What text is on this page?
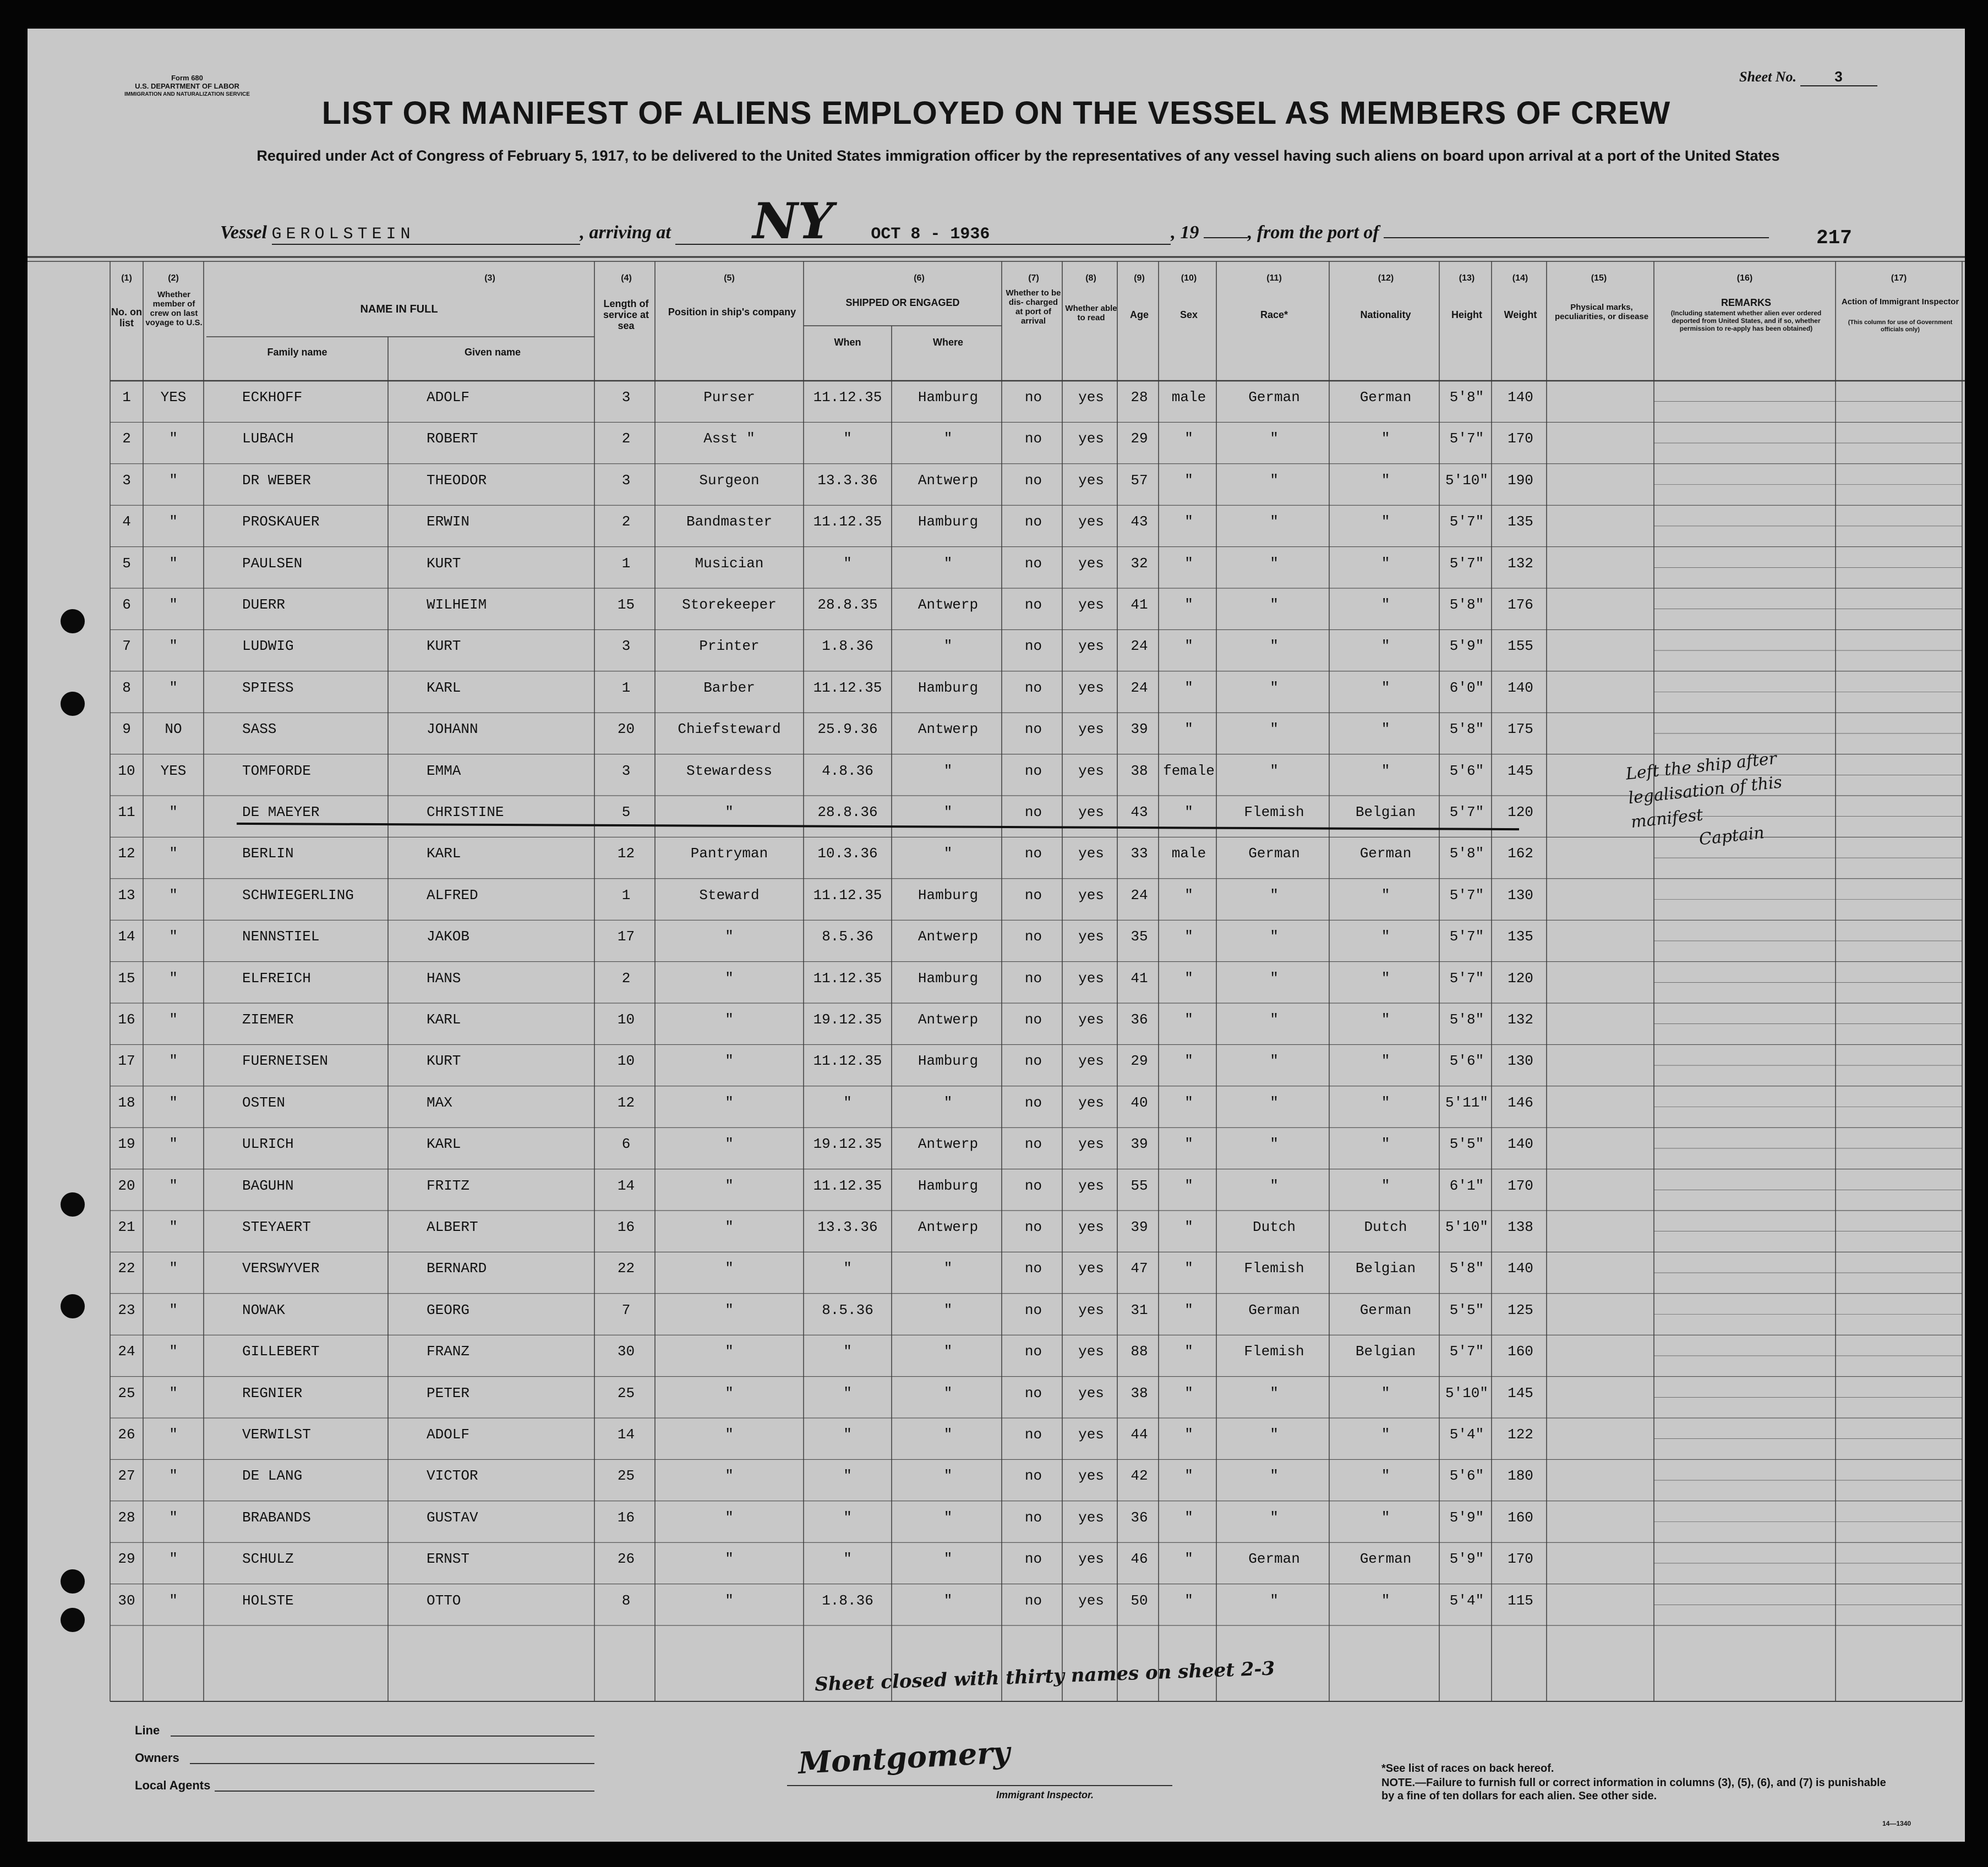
Form 680
U.S. DEPARTMENT OF LABOR
IMMIGRATION AND NATURALIZATION SERVICE
Sheet No.	3
LIST OR MANIFEST OF ALIENS EMPLOYED ON THE VESSEL AS MEMBERS OF CREW
Required under Act of Congress of February 5, 1917, to be delivered to the United States immigration officer by the representatives of any vessel having such aliens on board upon arrival at a port of the United States
Vessel GEROLSTEIN	, arriving at NY OCT 8 - 1936	, 19	, from the port of	217
No. on list
Whether member of crew on last voyage to U.S.
NAME IN FULL
Family name	Given name
Length of service at sea
Position in ship's company
SHIPPED OR ENGAGED
When	Where
Whether to be dis- charged at port of arrival
Whether able to read	Age	Sex	Race*	Nationality	Height	Weight
Physical marks, peculiarities, or disease
REMARKS
(Including statement whether alien ever ordered deported from United States, and if so, whether permission to re-apply has been obtained)
Action of Immigrant Inspector
(This column for use of Government officials only)
(1)	(2)	(3)	(4)	(5)	(6)	(7)	(8)	(9)	(10)	(11)	(12)	(13)	(14)	(15)	(16)	(17)
1	YES	ECKHOFF	ADOLF	3	Purser	11.12.35	Hamburg	no	yes	28	male	German	German	5'8"	140
2	"	LUBACH	ROBERT	2	Asst "	"	"	no	yes	29	"	"	"	5'7"	170
3	"	DR WEBER	THEODOR	3	Surgeon	13.3.36	Antwerp	no	yes	57	"	"	"	5'10"	190
4	"	PROSKAUER	ERWIN	2	Bandmaster	11.12.35	Hamburg	no	yes	43	"	"	"	5'7"	135
5	"	PAULSEN	KURT	1	Musician	"	"	no	yes	32	"	"	"	5'7"	132
6	"	DUERR	WILHEIM	15	Storekeeper	28.8.35	Antwerp	no	yes	41	"	"	"	5'8"	176
7	"	LUDWIG	KURT	3	Printer	1.8.36	"	no	yes	24	"	"	"	5'9"	155
8	"	SPIESS	KARL	1	Barber	11.12.35	Hamburg	no	yes	24	"	"	"	6'0"	140
9	NO	SASS	JOHANN	20	Chiefsteward	25.9.36	Antwerp	no	yes	39	"	"	"	5'8"	175
10	YES	TOMFORDE	EMMA	3	Stewardess	4.8.36	"	no	yes	38	female	"	"	5'6"	145
11	"	DE MAEYER	CHRISTINE	5	"	28.8.36	"	no	yes	43	"	Flemish	Belgian	5'7"	120
12	"	BERLIN	KARL	12	Pantryman	10.3.36	"	no	yes	33	male	German	German	5'8"	162
13	"	SCHWIEGERLING	ALFRED	1	Steward	11.12.35	Hamburg	no	yes	24	"	"	"	5'7"	130
14	"	NENNSTIEL	JAKOB	17	"	8.5.36	Antwerp	no	yes	35	"	"	"	5'7"	135
15	"	ELFREICH	HANS	2	"	11.12.35	Hamburg	no	yes	41	"	"	"	5'7"	120
16	"	ZIEMER	KARL	10	"	19.12.35	Antwerp	no	yes	36	"	"	"	5'8"	132
17	"	FUERNEISEN	KURT	10	"	11.12.35	Hamburg	no	yes	29	"	"	"	5'6"	130
18	"	OSTEN	MAX	12	"	"	"	no	yes	40	"	"	"	5'11"	146
19	"	ULRICH	KARL	6	"	19.12.35	Antwerp	no	yes	39	"	"	"	5'5"	140
20	"	BAGUHN	FRITZ	14	"	11.12.35	Hamburg	no	yes	55	"	"	"	6'1"	170
21	"	STEYAERT	ALBERT	16	"	13.3.36	Antwerp	no	yes	39	"	Dutch	Dutch	5'10"	138
22	"	VERSWYVER	BERNARD	22	"	"	"	no	yes	47	"	Flemish	Belgian	5'8"	140
23	"	NOWAK	GEORG	7	"	8.5.36	"	no	yes	31	"	German	German	5'5"	125
24	"	GILLEBERT	FRANZ	30	"	"	"	no	yes	88	"	Flemish	Belgian	5'7"	160
25	"	REGNIER	PETER	25	"	"	"	no	yes	38	"	"	"	5'10"	145
26	"	VERWILST	ADOLF	14	"	"	"	no	yes	44	"	"	"	5'4"	122
27	"	DE LANG	VICTOR	25	"	"	"	no	yes	42	"	"	"	5'6"	180
28	"	BRABANDS	GUSTAV	16	"	"	"	no	yes	36	"	"	"	5'9"	160
29	"	SCHULZ	ERNST	26	"	"	"	no	yes	46	"	German	German	5'9"	170
30	"	HOLSTE	OTTO	8	"	1.8.36	"	no	yes	50	"	"	"	5'4"	115
Left the ship after legalisation of this manifest
Captain
Sheet closed with thirty names on sheet 2-3
Line
Owners
Local Agents
Montgomery
Immigrant Inspector.
*See list of races on back hereof.
NOTE.—Failure to furnish full or correct information in columns (3), (5), (6), and (7) is punishable by a fine of ten dollars for each alien. See other side.
14—1340
